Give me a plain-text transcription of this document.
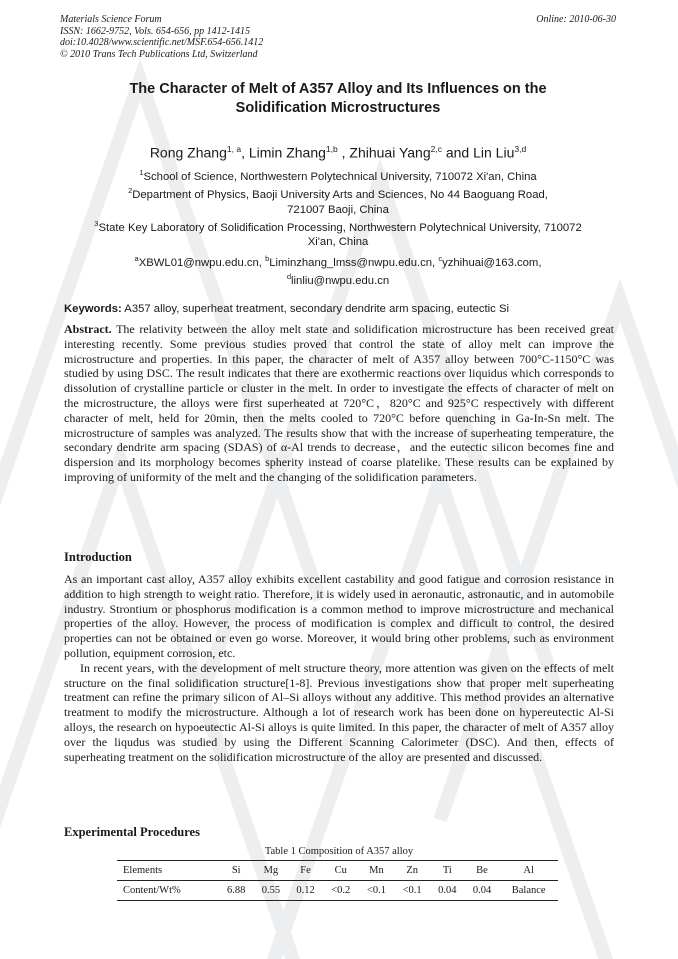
Materials Science Forum
ISSN: 1662-9752, Vols. 654-656, pp 1412-1415
doi:10.4028/www.scientific.net/MSF.654-656.1412
© 2010 Trans Tech Publications Ltd, Switzerland
Online: 2010-06-30
The Character of Melt of A357 Alloy and Its Influences on the
Solidification Microstructures
Rong Zhang$^{1, a}$, Limin Zhang$^{1,b}$ , Zhihuai Yang$^{2,c}$ and Lin Liu$^{3,d}$

$^1$School of Science, Northwestern Polytechnical University, 710072 Xi'an, China

$^2$Department of Physics, Baoji University Arts and Sciences, No 44 Baoguang Road,

721007 Baoji, China

$^3$State Key Laboratory of Solidification Processing, Northwestern Polytechnical University, 710072

Xi'an, China

$^a$XBWL01@nwpu.edu.cn, $^b$Liminzhang_lmss@nwpu.edu.cn, $^c$yzhihuai@163.com,

$^d$linliu@nwpu.edu.cn

Keywords: A357 alloy, superheat treatment, secondary dendrite arm spacing, eutectic Si
Abstract. The relativity between the alloy melt state and solidification microstructure has been received great interesting recently. Some previous studies proved that control the state of alloy melt can improve the microstructure and properties. In this paper, the character of melt of A357 alloy between 700°C-1150°C was studied by using DSC. The result indicates that there are exothermic reactions over liquidus which corresponds to dissolution of crystalline particle or cluster in the melt. In order to investigate the effects of character of melt on the microstructure, the alloys were first superheated at 720°C，820°C and 925°C respectively with different character of melt, held for 20min, then the melts cooled to 720°C before quenching in Ga-In-Sn melt. The microstructure of samples was analyzed. The results show that with the increase of superheating temperature, the secondary dendrite arm spacing (SDAS) of α-Al trends to decrease，and the eutectic silicon becomes fine and dispersion and its morphology becomes spherity instead of coarse platelike. These results can be explained by improving of uniformity of the melt and the changing of the solidification parameters.
Introduction

As an important cast alloy, A357 alloy exhibits excellent castability and good fatigue and corrosion resistance in addition to high strength to weight ratio. Therefore, it is widely used in aeronautic, astronautic, and in automobile industry. Strontium or phosphorus modification is a common method to improve microstructure and mechanical properties of the alloy. However, the process of modification is complex and difficult to control, the desired properties can not be obtained or even go worse. Moreover, it would bring other problems, such as environment pollution, equipment corrosion, etc.

In recent years, with the development of melt structure theory, more attention was given on the effects of melt structure on the final solidification structure[1-8]. Previous investigations show that proper melt superheating treatment can refine the primary silicon of Al–Si alloys without any additive. This method provides an alternative treatment to modify the microstructure. Although a lot of research work has been done on hypereutectic Al-Si alloys, the research on hypoeutectic Al-Si alloys is quite limited. In this paper, the character of melt of A357 alloy over the liqudus was studied by using the Different Scanning Calorimeter (DSC). And then, effects of superheating treatment on the solidification microstructure of the alloy are presented and discussed.

Experimental Procedures
Table 1 Composition of A357 alloy
Elements	Si	Mg	Fe	Cu	Mn	Zn	Ti	Be	Al
Content/Wt%	6.88	0.55	0.12	<0.2	<0.1	<0.1	0.04	0.04	Balance
